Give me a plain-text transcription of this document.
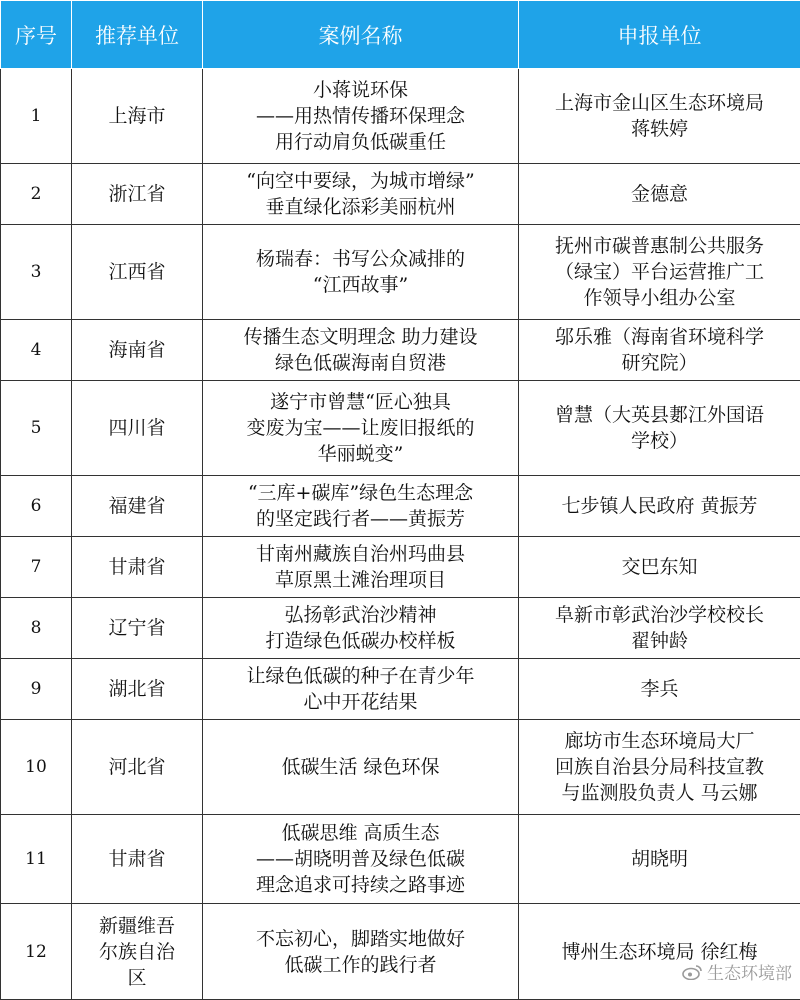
序号	推荐单位	案例名称	申报单位
1	上海市	小蒋说环保
——用热情传播环保理念
用行动肩负低碳重任	上海市金山区生态环境局
蒋轶婷

2	浙江省	“向空中要绿，为城市增绿”
垂直绿化添彩美丽杭州	金德意

3	江西省	杨瑞春：书写公众减排的
“江西故事”	抚州市碳普惠制公共服务
（绿宝）平台运营推广工
作领导小组办公室

4	海南省	传播生态文明理念 助力建设
绿色低碳海南自贸港	邬乐雅（海南省环境科学
研究院）

5	四川省	遂宁市曾慧“匠心独具
变废为宝——让废旧报纸的
华丽蜕变”	曾慧（大英县郪江外国语
学校）

6	福建省	“三库+碳库”绿色生态理念
的坚定践行者——黄振芳	七步镇人民政府 黄振芳

7	甘肃省	甘南州藏族自治州玛曲县
草原黑土滩治理项目	交巴东知

8	辽宁省	弘扬彰武治沙精神
打造绿色低碳办校样板	阜新市彰武治沙学校校长
翟钟龄

9	湖北省	让绿色低碳的种子在青少年
心中开花结果	李兵

10	河北省	低碳生活 绿色环保	廊坊市生态环境局大厂
回族自治县分局科技宣教
与监测股负责人 马云娜

11	甘肃省	低碳思维 高质生态
——胡晓明普及绿色低碳
理念追求可持续之路事迹	胡晓明

12	新疆维吾
尔族自治
区	不忘初心，脚踏实地做好
低碳工作的践行者	博州生态环境局 徐红梅
生态环境部
